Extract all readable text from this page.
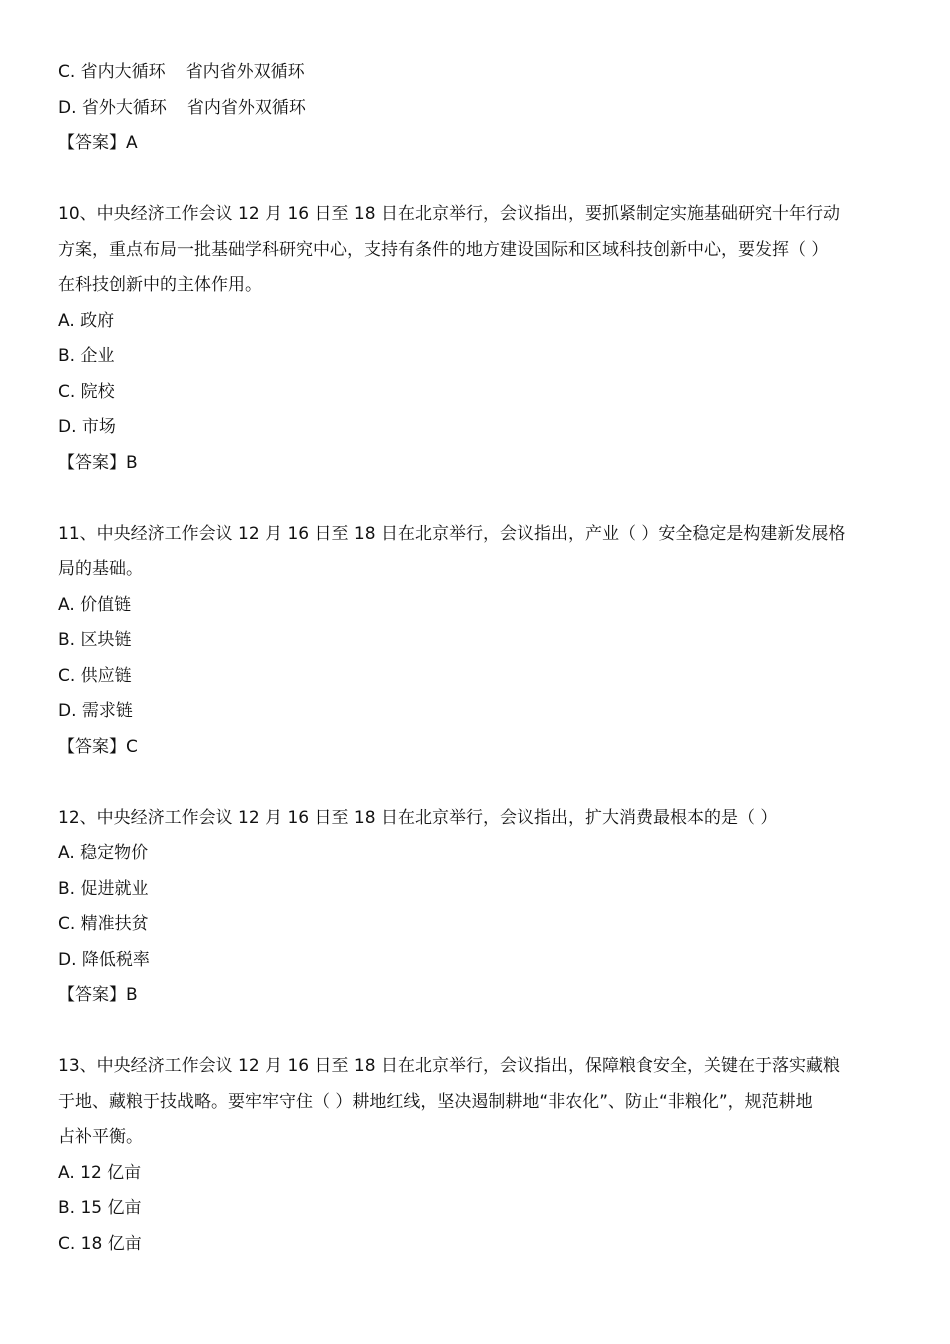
C. 省内大循环 省内省外双循环

D. 省外大循环 省内省外双循环

【答案】A

10、中央经济工作会议 12 月 16 日至 18 日在北京举行，会议指出，要抓紧制定实施基础研究十年行动

方案，重点布局一批基础学科研究中心，支持有条件的地方建设国际和区域科技创新中心，要发挥（ ）

在科技创新中的主体作用。

A. 政府

B. 企业

C. 院校

D. 市场

【答案】B

11、中央经济工作会议 12 月 16 日至 18 日在北京举行，会议指出，产业（ ）安全稳定是构建新发展格

局的基础。

A. 价值链

B. 区块链

C. 供应链

D. 需求链

【答案】C

12、中央经济工作会议 12 月 16 日至 18 日在北京举行，会议指出，扩大消费最根本的是（ ）

A. 稳定物价

B. 促进就业

C. 精准扶贫

D. 降低税率

【答案】B

13、中央经济工作会议 12 月 16 日至 18 日在北京举行，会议指出，保障粮食安全，关键在于落实藏粮

于地、藏粮于技战略。要牢牢守住（ ）耕地红线，坚决遏制耕地“非农化”、防止“非粮化”，规范耕地

占补平衡。

A. 12 亿亩

B. 15 亿亩

C. 18 亿亩
